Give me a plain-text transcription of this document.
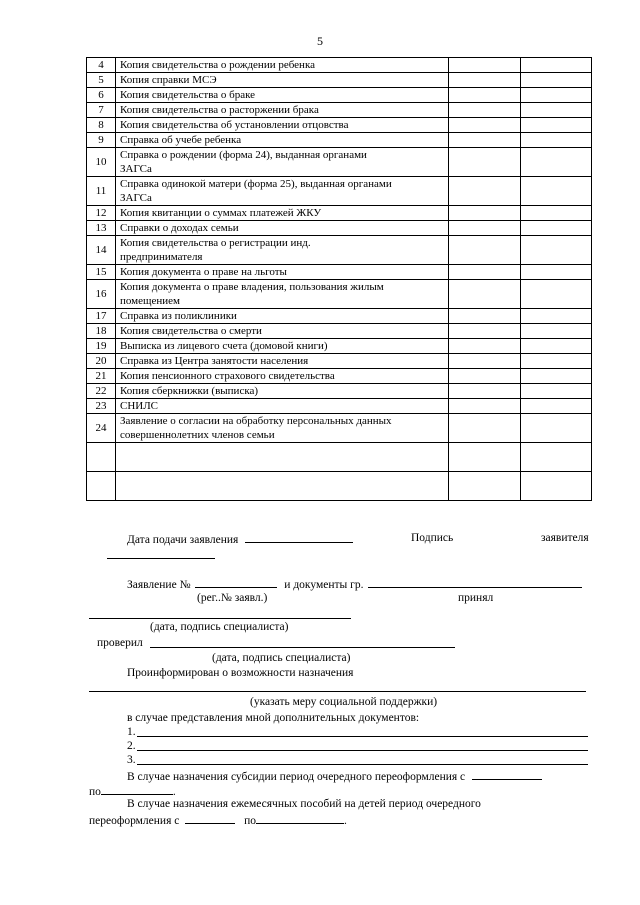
5
4	Копия свидетельства о рождении ребенка		

5	Копия справки МСЭ		

6	Копия свидетельства о браке		

7	Копия свидетельства о расторжении брака		

8	Копия свидетельства об установлении отцовства		

9	Справка об учебе ребенка		

10	Справка о рождении (форма 24), выданная органами
ЗАГСа		

11	Справка одинокой матери (форма 25), выданная органами
ЗАГСа		

12	Копия квитанции о суммах платежей ЖКУ		

13	Справки о доходах семьи		

14	Копия свидетельства о регистрации инд.
предпринимателя		

15	Копия документа о праве на льготы		

16	Копия документа о праве владения, пользования жилым
помещением		

17	Справка из поликлиники		

18	Копия свидетельства о смерти		

19	Выписка из лицевого счета (домовой книги)		

20	Справка из Центра занятости населения		

21	Копия пенсионного страхового свидетельства		

22	Копия сберкнижки (выписка)		

23	СНИЛС		

24	Заявление о согласии на обработку персональных данных
совершеннолетних членов семьи		

Дата подачи заявления	Подпись	заявителя
Заявление №	и документы гр.
(рег..№ заявл.)	принял
(дата, подпись специалиста)
проверил
(дата, подпись специалиста)
Проинформирован о возможности назначения
(указать меру социальной поддержки)
в случае представления мной дополнительных документов:
1.
2.
3.
В случае назначения субсидии период очередного переоформления с
по	.
В случае назначения ежемесячных пособий на детей период очередного
переоформления с	по	.
